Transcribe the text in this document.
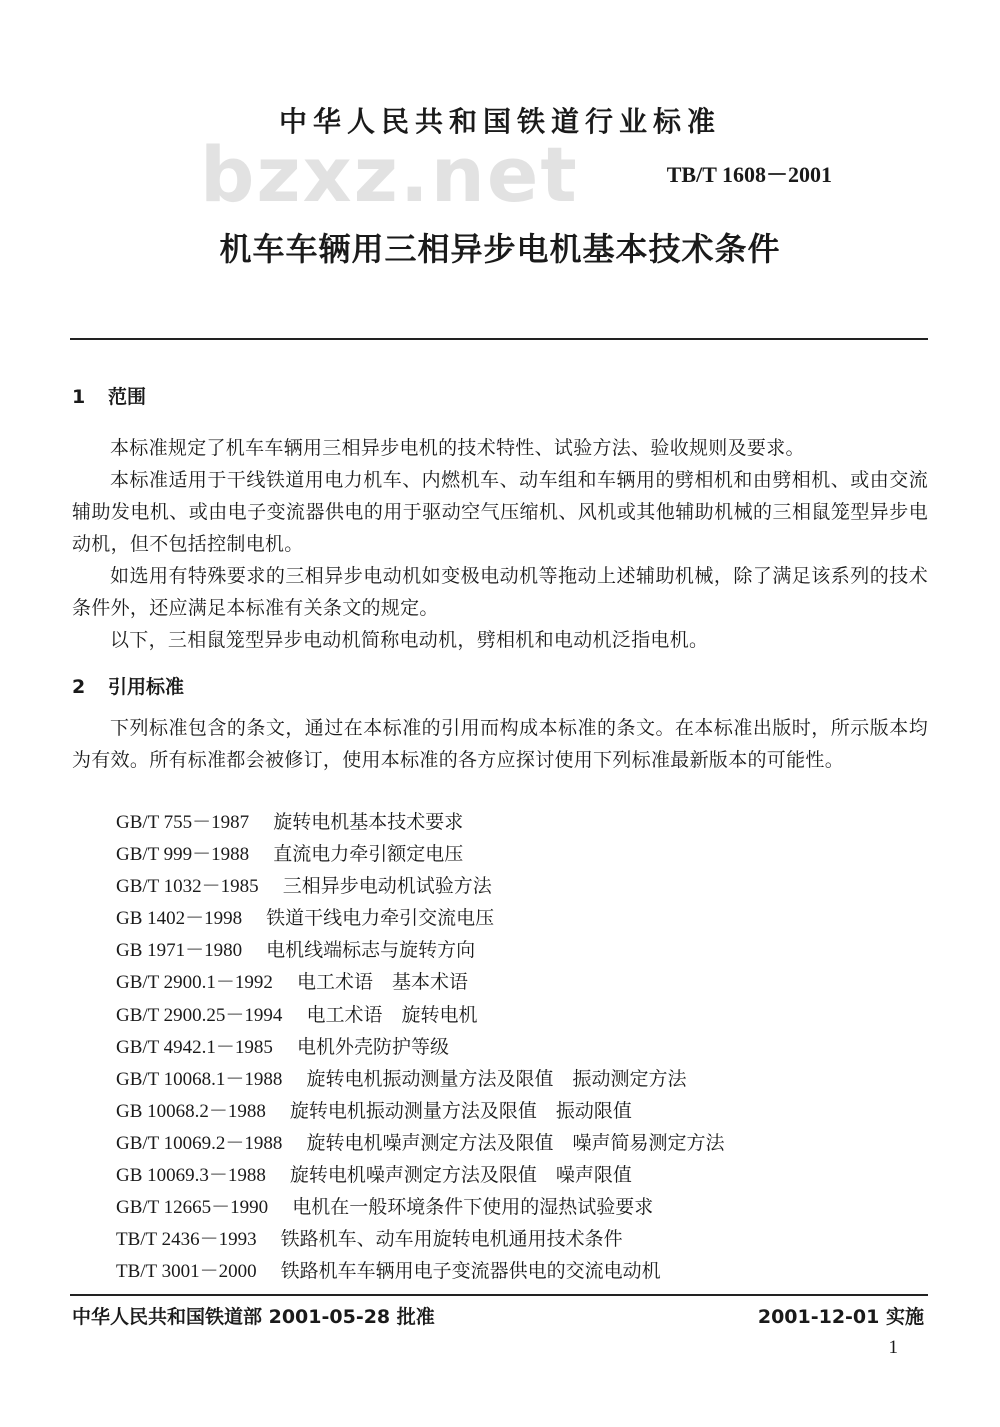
中华人民共和国铁道行业标准
bzxz.net	TB/T 1608－2001
机车车辆用三相异步电机基本技术条件
1 范围

本标准规定了机车车辆用三相异步电机的技术特性、试验方法、验收规则及要求。

本标准适用于干线铁道用电力机车、内燃机车、动车组和车辆用的劈相机和由劈相机、或由交流辅助发电机、或由电子变流器供电的用于驱动空气压缩机、风机或其他辅助机械的三相鼠笼型异步电动机，但不包括控制电机。

如选用有特殊要求的三相异步电动机如变极电动机等拖动上述辅助机械，除了满足该系列的技术条件外，还应满足本标准有关条文的规定。

以下，三相鼠笼型异步电动机简称电动机，劈相机和电动机泛指电机。

2 引用标准

下列标准包含的条文，通过在本标准的引用而构成本标准的条文。在本标准出版时，所示版本均为有效。所有标准都会被修订，使用本标准的各方应探讨使用下列标准最新版本的可能性。

GB/T 755－1987 旋转电机基本技术要求
GB/T 999－1988 直流电力牵引额定电压
GB/T 1032－1985 三相异步电动机试验方法
GB 1402－1998 铁道干线电力牵引交流电压
GB 1971－1980 电机线端标志与旋转方向
GB/T 2900.1－1992 电工术语　基本术语
GB/T 2900.25－1994 电工术语　旋转电机
GB/T 4942.1－1985 电机外壳防护等级
GB/T 10068.1－1988 旋转电机振动测量方法及限值　振动测定方法
GB 10068.2－1988 旋转电机振动测量方法及限值　振动限值
GB/T 10069.2－1988 旋转电机噪声测定方法及限值　噪声简易测定方法
GB 10069.3－1988 旋转电机噪声测定方法及限值　噪声限值
GB/T 12665－1990 电机在一般环境条件下使用的湿热试验要求
TB/T 2436－1993 铁路机车、动车用旋转电机通用技术条件
TB/T 3001－2000 铁路机车车辆用电子变流器供电的交流电动机
中华人民共和国铁道部 2001-05-28 批准	2001-12-01 实施
1
